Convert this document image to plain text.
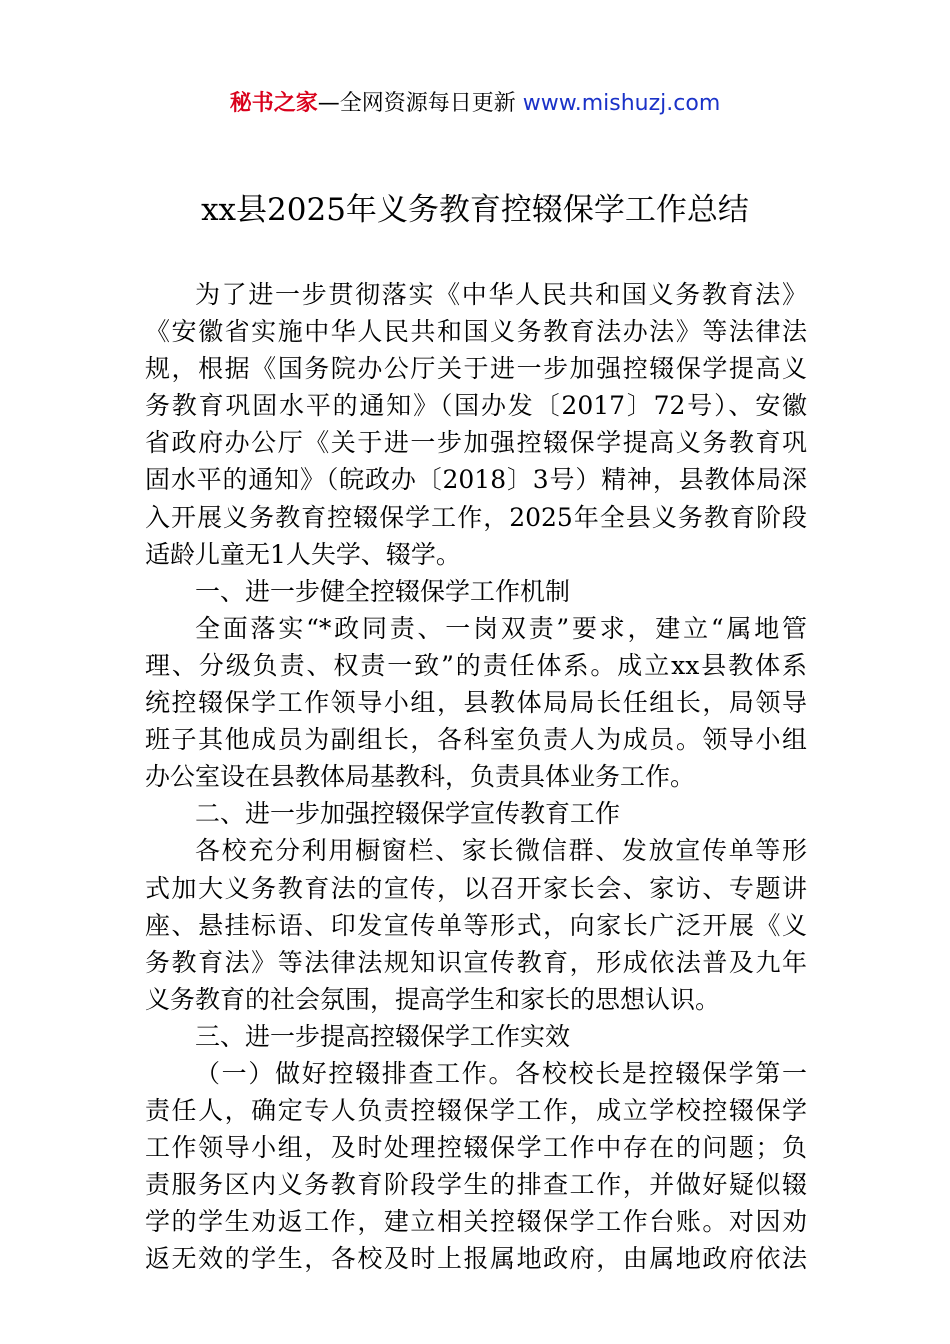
秘书之家—全网资源每日更新 www.mishuzj.com
xx县2025年义务教育控辍保学工作总结
为了进一步贯彻落实《中华人民共和国义务教育法》
《安徽省实施中华人民共和国义务教育法办法》等法律法
规，根据《国务院办公厅关于进一步加强控辍保学提高义
务教育巩固水平的通知》（国办发〔2017〕72号）、安徽
省政府办公厅《关于进一步加强控辍保学提高义务教育巩
固水平的通知》（皖政办〔2018〕3号）精神，县教体局深
入开展义务教育控辍保学工作，2025年全县义务教育阶段
适龄儿童无1人失学、辍学。
一、进一步健全控辍保学工作机制
全面落实“*政同责、一岗双责”要求，建立“属地管
理、分级负责、权责一致”的责任体系。成立xx县教体系
统控辍保学工作领导小组，县教体局局长任组长，局领导
班子其他成员为副组长，各科室负责人为成员。领导小组
办公室设在县教体局基教科，负责具体业务工作。
二、进一步加强控辍保学宣传教育工作
各校充分利用橱窗栏、家长微信群、发放宣传单等形
式加大义务教育法的宣传，以召开家长会、家访、专题讲
座、悬挂标语、印发宣传单等形式，向家长广泛开展《义
务教育法》等法律法规知识宣传教育，形成依法普及九年
义务教育的社会氛围，提高学生和家长的思想认识。
三、进一步提高控辍保学工作实效
（一）做好控辍排查工作。各校校长是控辍保学第一
责任人，确定专人负责控辍保学工作，成立学校控辍保学
工作领导小组，及时处理控辍保学工作中存在的问题；负
责服务区内义务教育阶段学生的排查工作，并做好疑似辍
学的学生劝返工作，建立相关控辍保学工作台账。对因劝
返无效的学生，各校及时上报属地政府，由属地政府依法
